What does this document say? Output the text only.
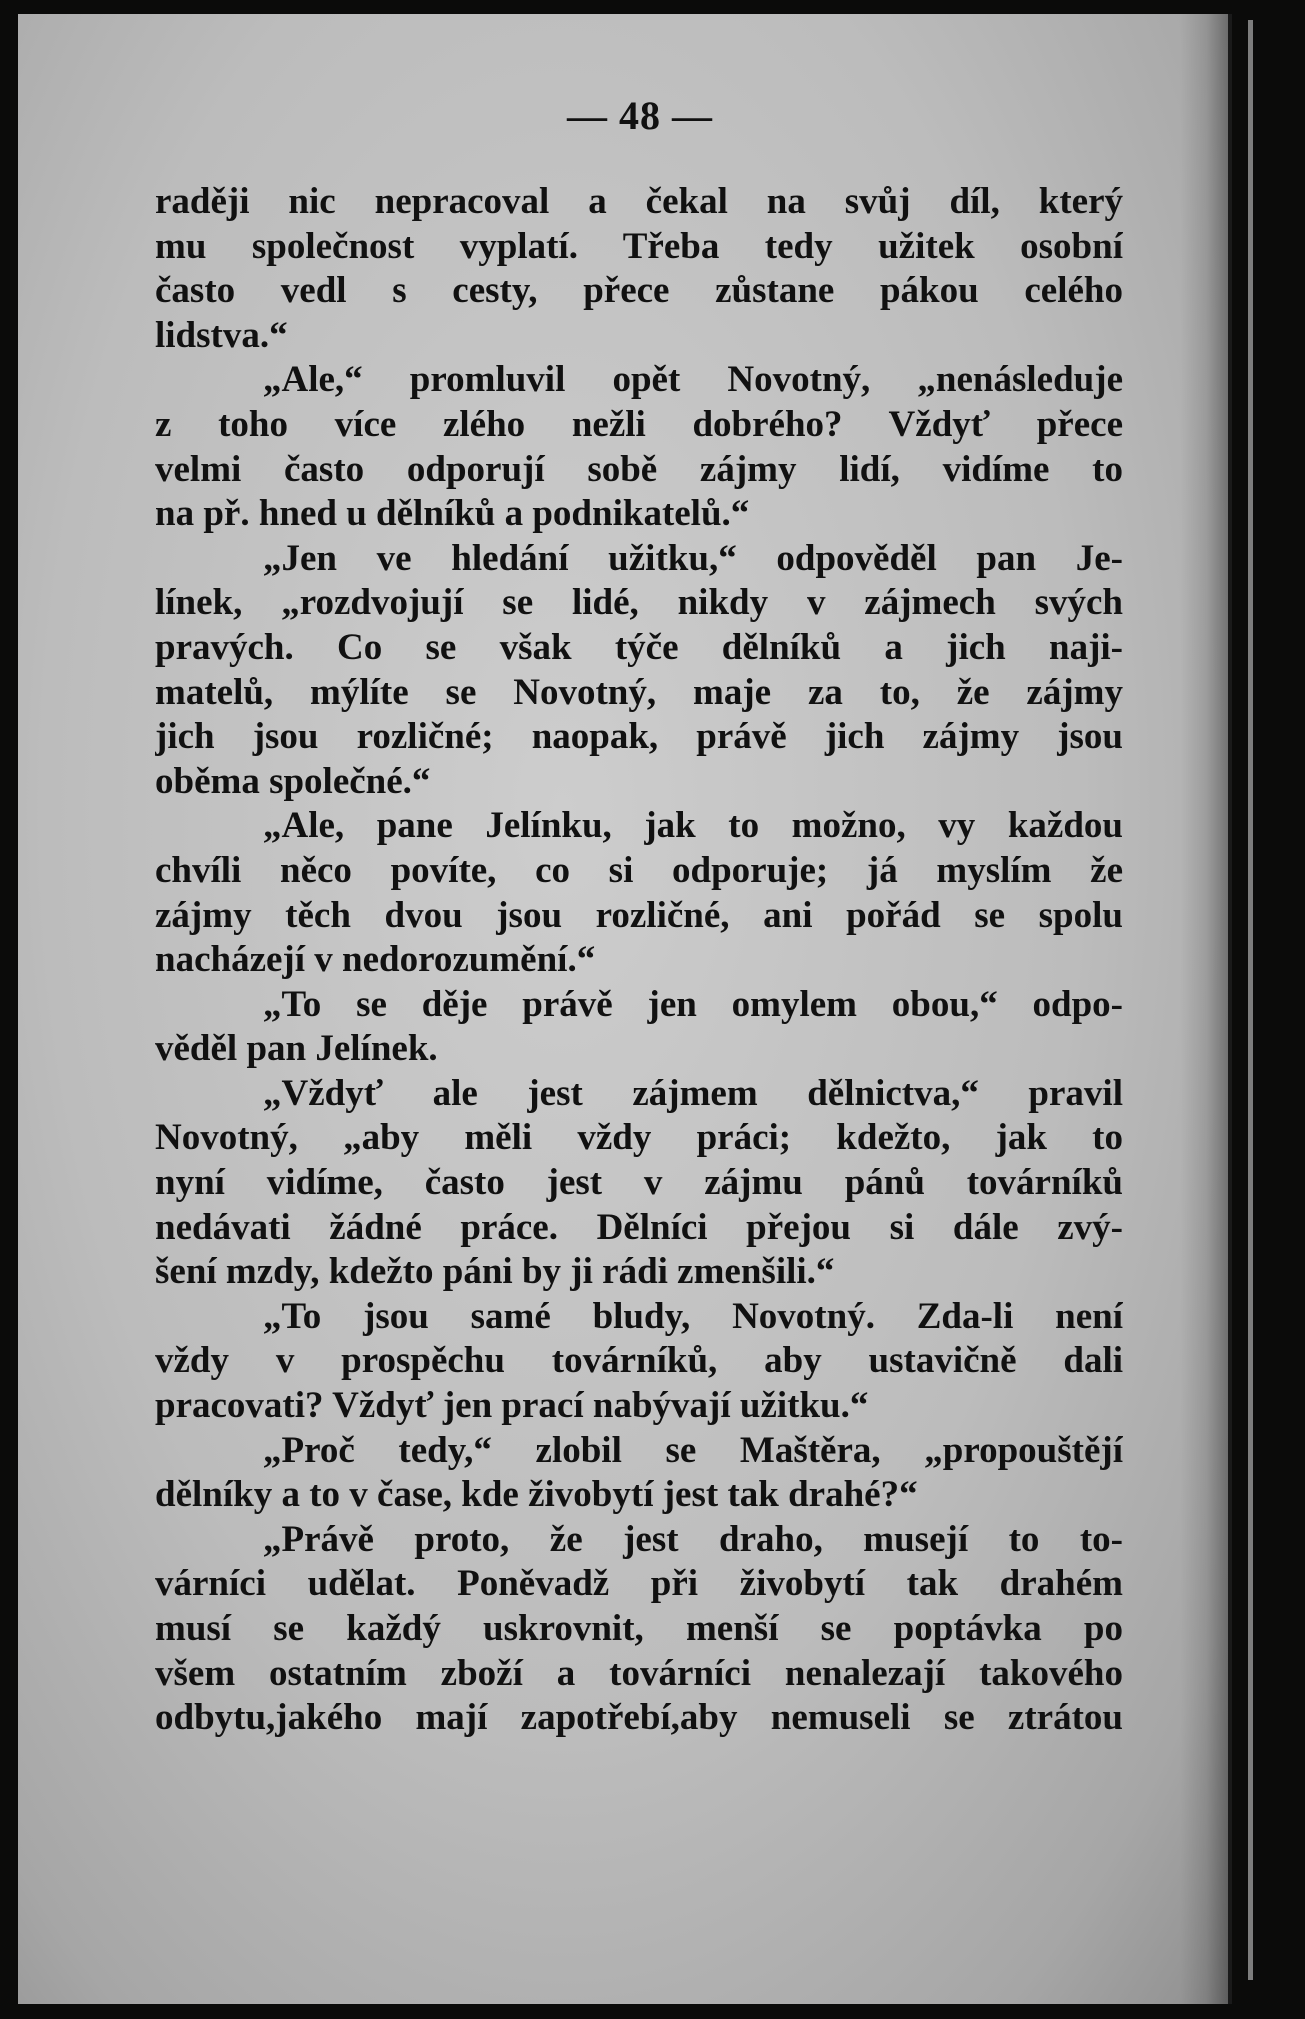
— 48 —
raději nic nepracoval a čekal na svůj díl, který
mu společnost vyplatí. Třeba tedy užitek osobní
často vedl s cesty, přece zůstane pákou celého
lidstva.“
„Ale,“ promluvil opět Novotný, „nenásleduje
z toho více zlého nežli dobrého? Vždyť přece
velmi často odporují sobě zájmy lidí, vidíme to
na př. hned u dělníků a podnikatelů.“
„Jen ve hledání užitku,“ odpověděl pan Je-
línek, „rozdvojují se lidé, nikdy v zájmech svých
pravých. Co se však týče dělníků a jich naji-
matelů, mýlíte se Novotný, maje za to, že zájmy
jich jsou rozličné; naopak, právě jich zájmy jsou
oběma společné.“
„Ale, pane Jelínku, jak to možno, vy každou
chvíli něco povíte, co si odporuje; já myslím že
zájmy těch dvou jsou rozličné, ani pořád se spolu
nacházejí v nedorozumění.“
„To se děje právě jen omylem obou,“ odpo-
věděl pan Jelínek.
„Vždyť ale jest zájmem dělnictva,“ pravil
Novotný, „aby měli vždy práci; kdežto, jak to
nyní vidíme, často jest v zájmu pánů továrníků
nedávati žádné práce. Dělníci přejou si dále zvý-
šení mzdy, kdežto páni by ji rádi zmenšili.“
„To jsou samé bludy, Novotný. Zda-li není
vždy v prospěchu továrníků, aby ustavičně dali
pracovati? Vždyť jen prací nabývají užitku.“
„Proč tedy,“ zlobil se Maštěra, „propouštějí
dělníky a to v čase, kde živobytí jest tak drahé?“
„Právě proto, že jest draho, musejí to to-
várníci udělat. Poněvadž při živobytí tak drahém
musí se každý uskrovnit, menší se poptávka po
všem ostatním zboží a továrníci nenalezají takového
odbytu,jakého mají zapotřebí,aby nemuseli se ztrátou
